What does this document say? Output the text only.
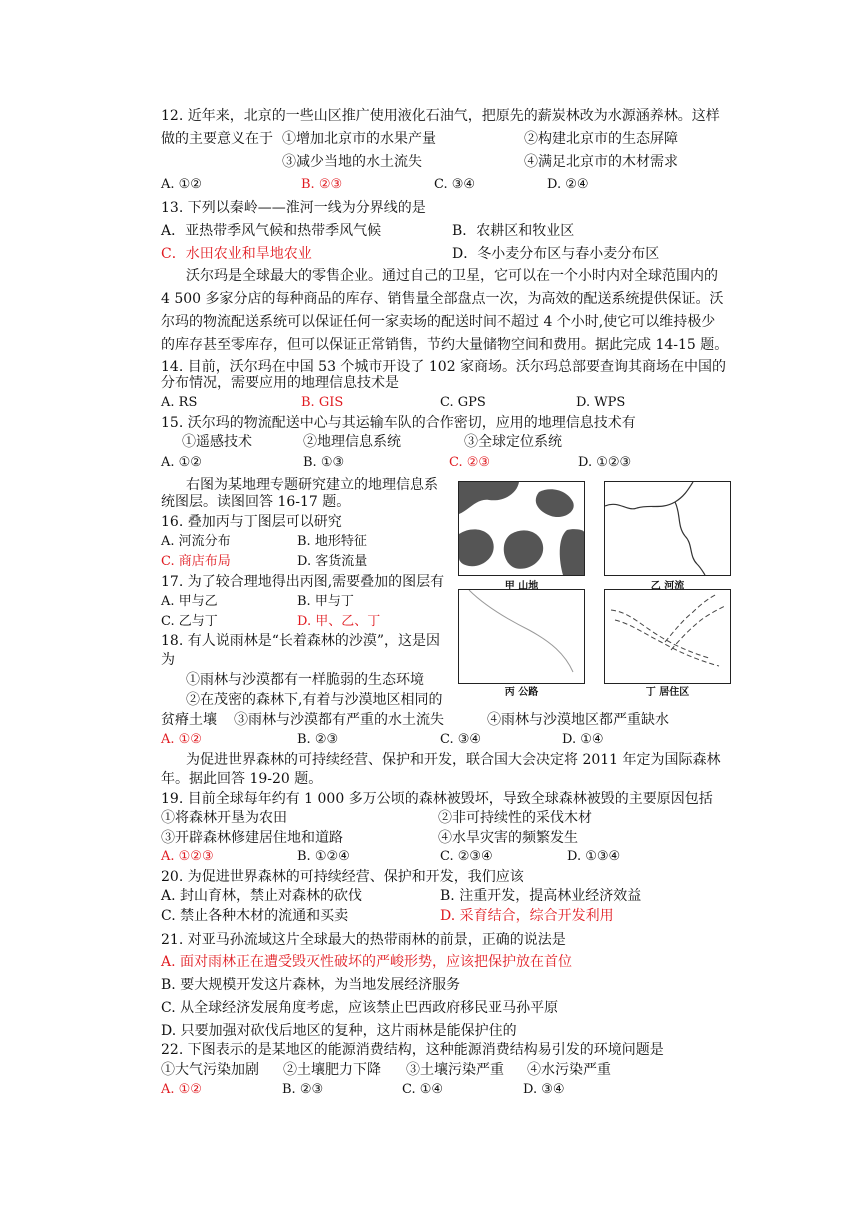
12. 近年来，北京的一些山区推广使用液化石油气，把原先的薪炭林改为水源涵养林。这样
做的主要意义在于 ①增加北京市的水果产量	②构建北京市的生态屏障
③减少当地的水土流失	④满足北京市的木材需求
A. ①②	B. ②③	C. ③④	D. ②④
13. 下列以秦岭——淮河一线为分界线的是
A．亚热带季风气候和热带季风气候	B．农耕区和牧业区
C．水田农业和旱地农业	D．冬小麦分布区与春小麦分布区
沃尔玛是全球最大的零售企业。通过自己的卫星，它可以在一个小时内对全球范围内的
4 500 多家分店的每种商品的库存、销售量全部盘点一次，为高效的配送系统提供保证。沃
尔玛的物流配送系统可以保证任何一家卖场的配送时间不超过 4 个小时,使它可以维持极少
的库存甚至零库存，但可以保证正常销售，节约大量储物空间和费用。据此完成 14-15 题。
14. 目前，沃尔玛在中国 53 个城市开设了 102 家商场。沃尔玛总部要查询其商场在中国的
分布情况，需要应用的地理信息技术是
A. RS	B. GIS	C. GPS	D. WPS
15. 沃尔玛的物流配送中心与其运输车队的合作密切，应用的地理信息技术有
①遥感技术	②地理信息系统	③全球定位系统
A. ①②	B. ①③	C. ②③	D. ①②③
右图为某地理专题研究建立的地理信息系
统图层。读图回答 16-17 题。
16. 叠加丙与丁图层可以研究
A. 河流分布	B. 地形特征
C. 商店布局	D. 客货流量
17. 为了较合理地得出丙图,需要叠加的图层有
A. 甲与乙	B. 甲与丁
C. 乙与丁	D. 甲、乙、丁
18. 有人说雨林是“长着森林的沙漠”，这是因
为
①雨林与沙漠都有一样脆弱的生态环境
②在茂密的森林下,有着与沙漠地区相同的
贫瘠土壤 ③雨林与沙漠都有严重的水土流失	④雨林与沙漠地区都严重缺水
A. ①②	B. ②③	C. ③④	D. ①④
甲 山地	乙 河流
丙 公路	丁 居住区
为促进世界森林的可持续经营、保护和开发，联合国大会决定将 2011 年定为国际森林
年。据此回答 19-20 题。
19. 目前全球每年约有 1 000 多万公顷的森林被毁坏，导致全球森林被毁的主要原因包括
①将森林开垦为农田	②非可持续性的采伐木材
③开辟森林修建居住地和道路	④水旱灾害的频繁发生
A. ①②③	B. ①②④	C. ②③④	D. ①③④
20. 为促进世界森林的可持续经营、保护和开发，我们应该
A. 封山育林，禁止对森林的砍伐	B. 注重开发，提高林业经济效益
C. 禁止各种木材的流通和买卖	D. 采育结合，综合开发利用
21. 对亚马孙流域这片全球最大的热带雨林的前景，正确的说法是
A. 面对雨林正在遭受毁灭性破坏的严峻形势，应该把保护放在首位
B. 要大规模开发这片森林，为当地发展经济服务
C. 从全球经济发展角度考虑，应该禁止巴西政府移民亚马孙平原
D. 只要加强对砍伐后地区的复种，这片雨林是能保护住的
22. 下图表示的是某地区的能源消费结构，这种能源消费结构易引发的环境问题是
①大气污染加剧 ②土壤肥力下降 ③土壤污染严重 ④水污染严重
A. ①②	B. ②③	C. ①④	D. ③④
